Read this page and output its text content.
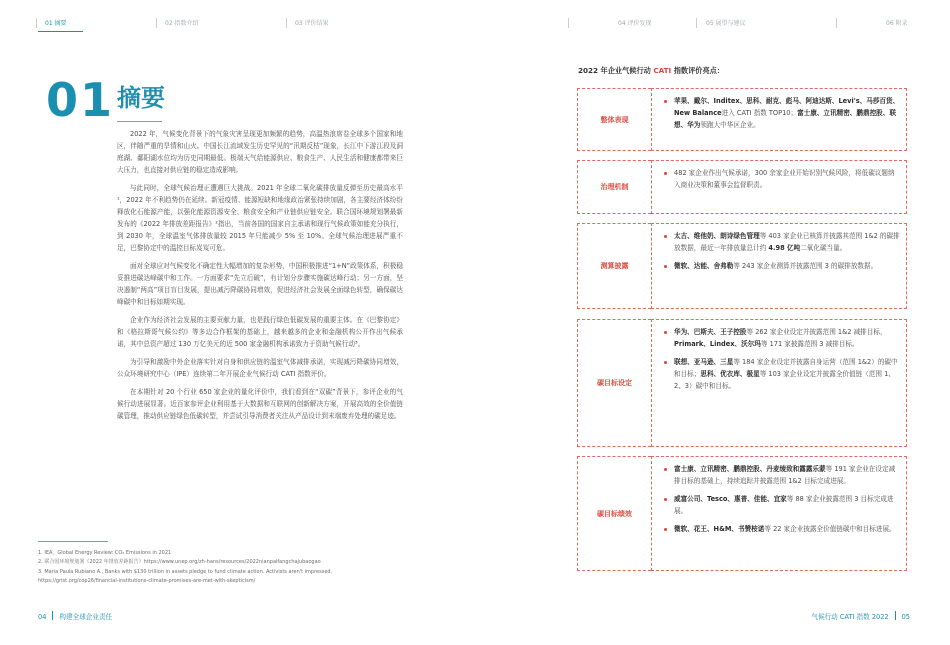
01 摘要	02 指数介绍	03 评价结果	04 评价发现	05 展望与建议	06 附录
01 摘要

2022 年，气候变化背景下的气象灾害呈现更加频繁的趋势，高温热浪席卷全球多个国家和地区，伴随严重的旱情和山火。中国长江流域发生历史罕见的“汛期反枯”现象，长江中下游江段及洞庭湖、鄱阳湖水位均为历史同期最低。极端天气给能源供应、粮食生产、人民生活和健康都带来巨大压力，也直接对供应链的稳定造成影响。

与此同时，全球气候治理正遭遇巨大挑战。2021 年全球二氧化碳排放量反弹至历史最高水平¹，2022 年不利趋势仍在延续。新冠疫情、能源短缺和地缘政治紧张持续加剧，各主要经济体纷纷释放化石能源产能，以强化能源资源安全、粮食安全和产业链供应链安全。联合国环境规划署最新发布的《2022 年排放差距报告》²指出，当前各国的国家自主承诺和现行气候政策如能充分执行，到 2030 年，全球温室气体排放量较 2015 年只能减少 5% 至 10%。全球气候治理进展严重不足，巴黎协定中的温控目标岌岌可危。

面对全球应对气候变化不确定性大幅增加的复杂形势，中国积极推进“1+N”政策体系，积极稳妥推进碳达峰碳中和工作。一方面要求“先立后破”，有计划分步骤实施碳达峰行动；另一方面，坚决遏制“两高”项目盲目发展，提出减污降碳协同增效，促进经济社会发展全面绿色转型，确保碳达峰碳中和目标如期实现。

企业作为经济社会发展的主要贡献力量，也是践行绿色低碳发展的重要主体。在《巴黎协定》和《格拉斯哥气候公约》等多边合作框架的基础上，越来越多的企业和金融机构公开作出气候承诺，其中总资产超过 130 万亿美元的近 500 家金融机构承诺致力于资助气候行动³。

为引导和激励中外企业落实针对自身和供应链的温室气体减排承诺，实现减污降碳协同增效，公众环境研究中心（IPE）连续第二年开展企业气候行动 CATI 指数评价。

在本期针对 20 个行业 650 家企业的量化评价中，我们看到在“双碳”背景下，参评企业的气候行动进展显著。近百家参评企业利用基于大数据和互联网的创新解决方案，开展高效的全价值链碳管理，推动供应链绿色低碳转型，并尝试引导消费者关注从产品设计到末端废弃处理的碳足迹。

1. IEA，Global Energy Review: CO₂ Emissions in 2021
2. 联合国环境规划署《2022 年排放差距报告》https://www.unep.org/zh-hans/resources/2022nianpaifangchajubaogao
3. Maria Paula Rubiano A., Banks with $130 trillion in assets pledge to fund climate action. Activists aren't impressed.
https://grist.org/cop26/financial-institutions-climate-promises-are-met-with-skepticism/
04 构建全球企业责任	气候行动 CATI 指数 2022 05
2022 年企业气候行动 CATI 指数评价亮点：
整体表现
苹果、戴尔、Inditex、思科、耐克、彪马、阿迪达斯、Levi's、马莎百货、New Balance进入 CATI 指数 TOP10；富士康、立讯精密、鹏鼎控股、联想、华为领跑大中华区企业。
治理机制
482 家企业作出气候承诺，300 余家企业开始识别气候风险，将低碳议题纳入商业决策和董事会监督职责。
测算披露
太古、维他奶、朗诗绿色管理等 403 家企业已核算并披露其范围 1&2 的碳排放数据，最近一年排放量总计约 4.98 亿吨二氧化碳当量。
微软、达能、舍弗勒等 243 家企业测算并披露范围 3 的碳排放数据。
碳目标设定
华为、巴斯夫、王子控股等 262 家企业设定并披露范围 1&2 减排目标，Primark、Lindex、沃尔玛等 171 家披露范围 3 减排目标。
联想、亚马逊、三星等 184 家企业设定并披露自身运营（范围 1&2）的碳中和目标；思科、优衣库、极星等 103 家企业设定并披露全价值链（范围 1、2、3）碳中和目标。
碳目标绩效
富士康、立讯精密、鹏鼎控股、丹麦绫致和露露乐蒙等 191 家企业在设定减排目标的基础上，持续追踪并披露范围 1&2 目标完成进展。
威富公司、Tesco、惠普、佳能、宜家等 88 家企业披露范围 3 目标完成进展。
微软、花王、H&M、书赞桉诺等 22 家企业披露全价值链碳中和目标进展。
